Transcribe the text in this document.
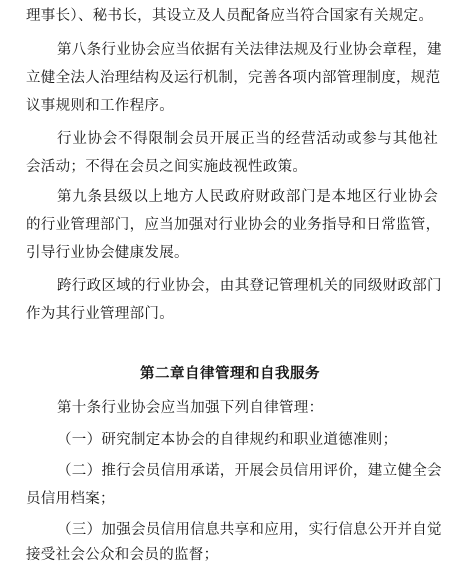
理事长）、秘书长，其设立及人员配备应当符合国家有关规定。
第八条行业协会应当依据有关法律法规及行业协会章程，建
立健全法人治理结构及运行机制，完善各项内部管理制度，规范
议事规则和工作程序。
行业协会不得限制会员开展正当的经营活动或参与其他社
会活动；不得在会员之间实施歧视性政策。
第九条县级以上地方人民政府财政部门是本地区行业协会
的行业管理部门，应当加强对行业协会的业务指导和日常监管，
引导行业协会健康发展。
跨行政区域的行业协会，由其登记管理机关的同级财政部门
作为其行业管理部门。
第二章自律管理和自我服务
第十条行业协会应当加强下列自律管理：
（一）研究制定本协会的自律规约和职业道德准则；
（二）推行会员信用承诺，开展会员信用评价，建立健全会
员信用档案；
（三）加强会员信用信息共享和应用，实行信息公开并自觉
接受社会公众和会员的监督；
